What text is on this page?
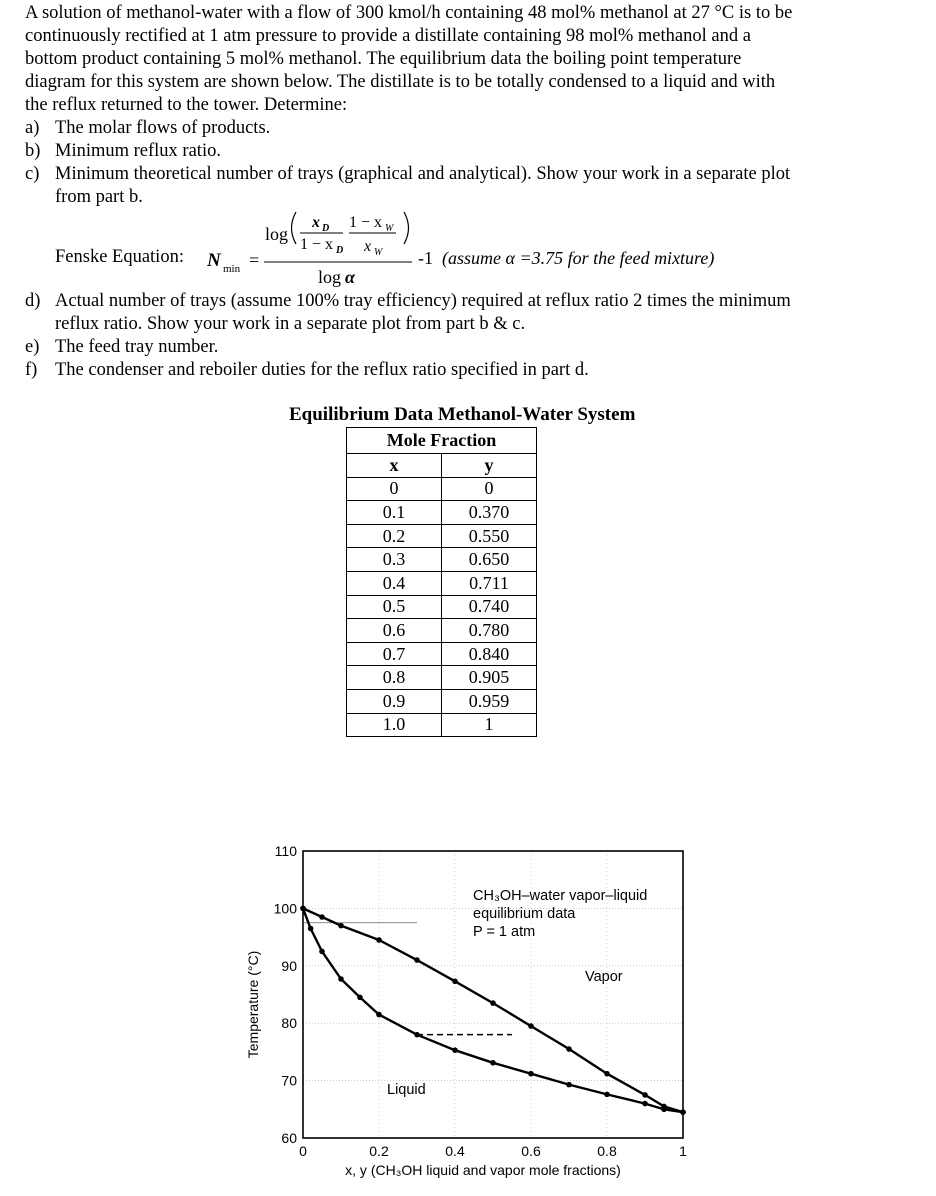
A solution of methanol-water with a flow of 300 kmol/h containing 48 mol% methanol at 27 °C is to be
continuously rectified at 1 atm pressure to provide a distillate containing 98 mol% methanol and a
bottom product containing 5 mol% methanol. The equilibrium data the boiling point temperature
diagram for this system are shown below. The distillate is to be totally condensed to a liquid and with
the reflux returned to the tower. Determine:
a) The molar flows of products.
b) Minimum reflux ratio.
c) Minimum theoretical number of trays (graphical and analytical). Show your work in a separate plot
from part b.
Fenske Equation: N min =
log
x D
1 − x D
1 − x W
x W
log α
-1 (assume α =3.75 for the feed mixture)
d) Actual number of trays (assume 100% tray efficiency) required at reflux ratio 2 times the minimum
reflux ratio. Show your work in a separate plot from part b & c.
e) The feed tray number.
f) The condenser and reboiler duties for the reflux ratio specified in part d.
Equilibrium Data Methanol-Water System
Mole Fraction	
x	y
0	0
0.1	0.370
0.2	0.550
0.3	0.650
0.4	0.711
0.5	0.740
0.6	0.780
0.7	0.840
0.8	0.905
0.9	0.959
1.0	1
60
70
80
90
100
110
0	0.2	0.4	0.6	0.8	1
x, y (CH₃OH liquid and vapor mole fractions)
Temperature (°C)
CH₃OH–water vapor–liquid
equilibrium data
P = 1 atm
Vapor
Liquid
